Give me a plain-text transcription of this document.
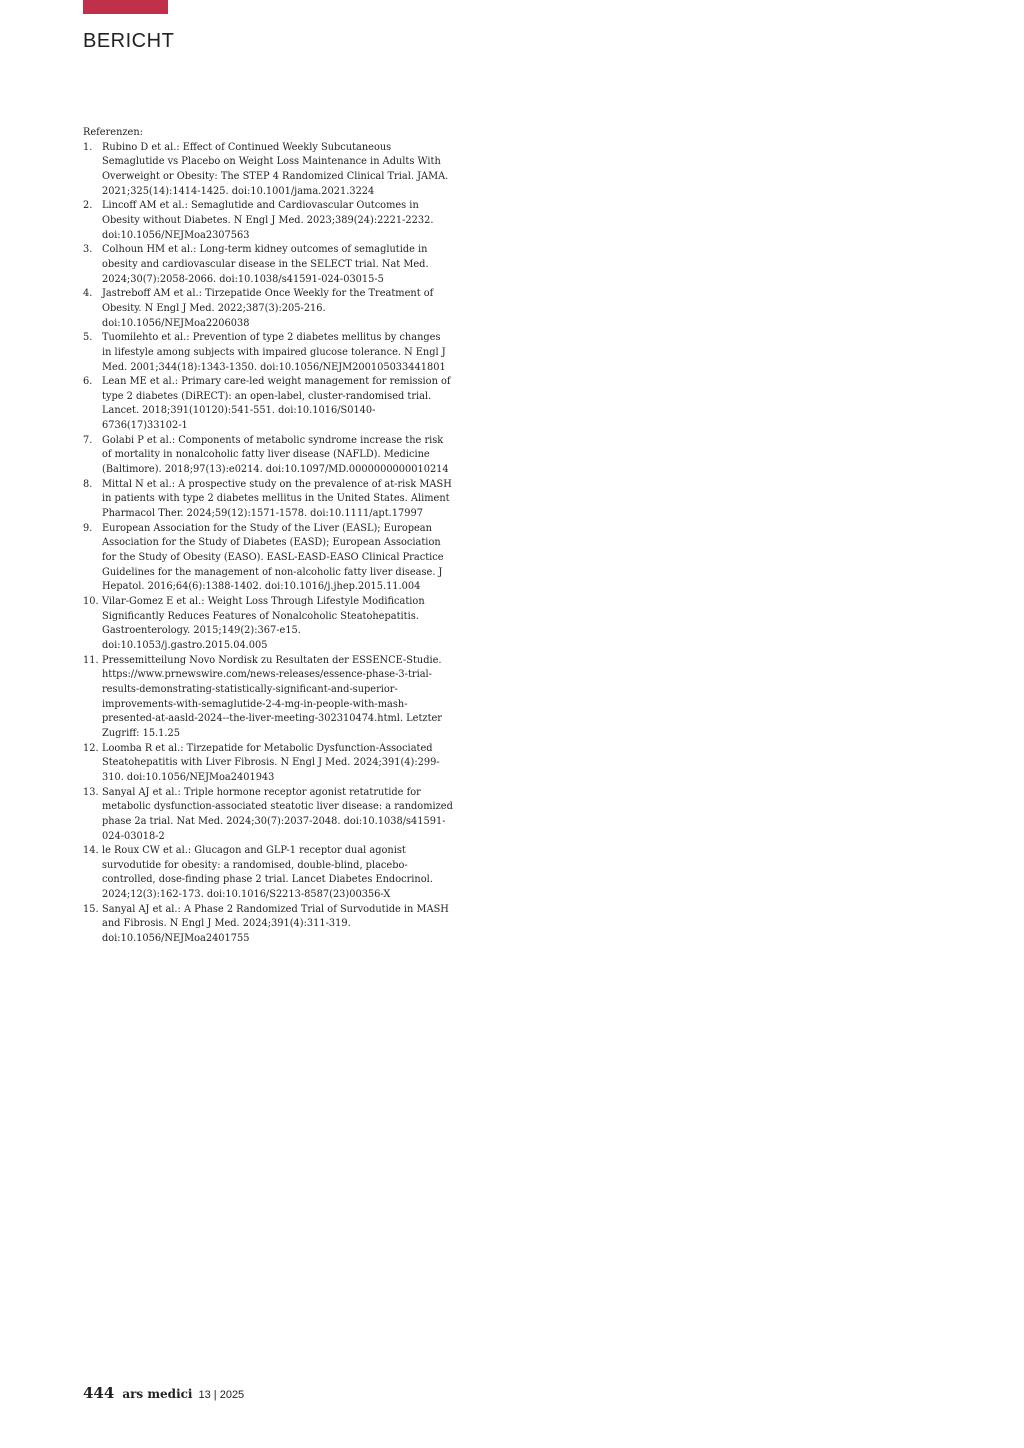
BERICHT
Referenzen:
1. Rubino D et al.: Effect of Continued Weekly Subcutaneous Semaglutide vs Placebo on Weight Loss Maintenance in Adults With Overweight or Obesity: The STEP 4 Randomized Clinical Trial. JAMA. 2021;325(14):1414-1425. doi:10.1001/jama.2021.3224
2. Lincoff AM et al.: Semaglutide and Cardiovascular Outcomes in Obesity without Diabetes. N Engl J Med. 2023;389(24):2221-2232. doi:10.1056/NEJMoa2307563
3. Colhoun HM et al.: Long-term kidney outcomes of semaglutide in obesity and cardiovascular disease in the SELECT trial. Nat Med. 2024;30(7):2058-2066. doi:10.1038/s41591-024-03015-5
4. Jastreboff AM et al.: Tirzepatide Once Weekly for the Treatment of Obesity. N Engl J Med. 2022;387(3):205-216. doi:10.1056/NEJMoa2206038
5. Tuomilehto et al.: Prevention of type 2 diabetes mellitus by changes in lifestyle among subjects with impaired glucose tolerance. N Engl J Med. 2001;344(18):1343-1350. doi:10.1056/NEJM200105033441801
6. Lean ME et al.: Primary care-led weight management for remission of type 2 diabetes (DiRECT): an open-label, cluster-randomised trial. Lancet. 2018;391(10120):541-551. doi:10.1016/S0140-6736(17)33102-1
7. Golabi P et al.: Components of metabolic syndrome increase the risk of mortality in nonalcoholic fatty liver disease (NAFLD). Medicine (Baltimore). 2018;97(13):e0214. doi:10.1097/MD.0000000000010214
8. Mittal N et al.: A prospective study on the prevalence of at-risk MASH in patients with type 2 diabetes mellitus in the United States. Aliment Pharmacol Ther. 2024;59(12):1571-1578. doi:10.1111/apt.17997
9. European Association for the Study of the Liver (EASL); European Association for the Study of Diabetes (EASD); European Association for the Study of Obesity (EASO). EASL-EASD-EASO Clinical Practice Guidelines for the management of non-alcoholic fatty liver disease. J Hepatol. 2016;64(6):1388-1402. doi:10.1016/j.jhep.2015.11.004
10. Vilar-Gomez E et al.: Weight Loss Through Lifestyle Modification Significantly Reduces Features of Nonalcoholic Steatohepatitis. Gastroenterology. 2015;149(2):367-e15. doi:10.1053/j.gastro.2015.04.005
11. Pressemitteilung Novo Nordisk zu Resultaten der ESSENCE-Studie. https://www.prnewswire.com/news-releases/essence-phase-3-trial-results-demonstrating-statistically-significant-and-superior-improvements-with-semaglutide-2-4-mg-in-people-with-mash-presented-at-aasld-2024--the-liver-meeting-302310474.html. Letzter Zugriff: 15.1.25
12. Loomba R et al.: Tirzepatide for Metabolic Dysfunction-Associated Steatohepatitis with Liver Fibrosis. N Engl J Med. 2024;391(4):299-310. doi:10.1056/NEJMoa2401943
13. Sanyal AJ et al.: Triple hormone receptor agonist retatrutide for metabolic dysfunction-associated steatotic liver disease: a randomized phase 2a trial. Nat Med. 2024;30(7):2037-2048. doi:10.1038/s41591-024-03018-2
14. le Roux CW et al.: Glucagon and GLP-1 receptor dual agonist survodutide for obesity: a randomised, double-blind, placebo-controlled, dose-finding phase 2 trial. Lancet Diabetes Endocrinol. 2024;12(3):162-173. doi:10.1016/S2213-8587(23)00356-X
15. Sanyal AJ et al.: A Phase 2 Randomized Trial of Survodutide in MASH and Fibrosis. N Engl J Med. 2024;391(4):311-319. doi:10.1056/NEJMoa2401755
444 ars medici 13 | 2025
